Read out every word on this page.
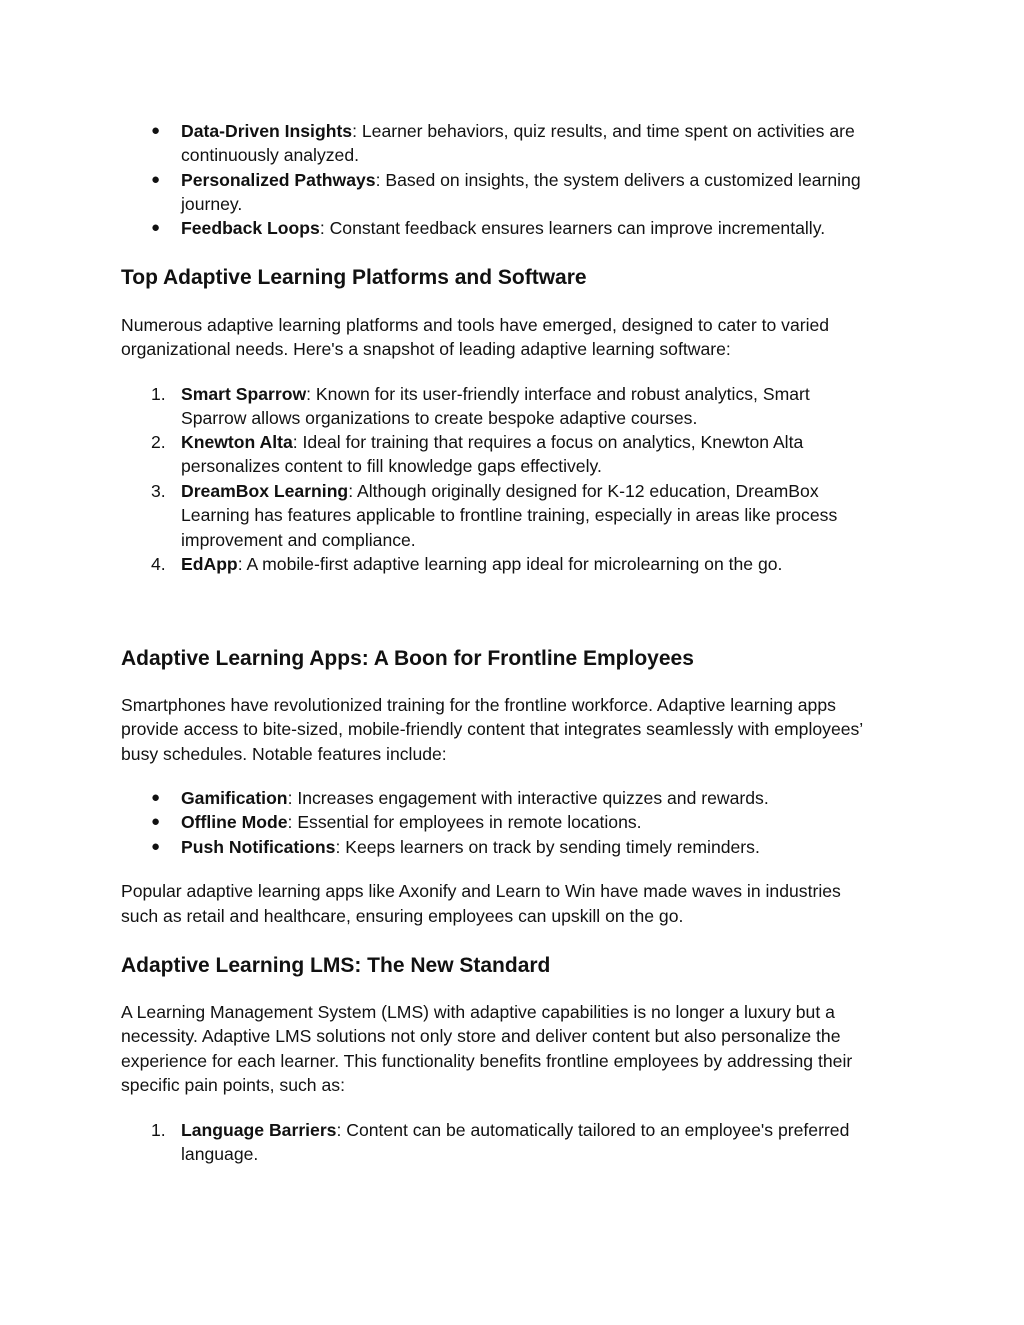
● Data-Driven Insights: Learner behaviors, quiz results, and time spent on activities are

continuously analyzed.

● Personalized Pathways: Based on insights, the system delivers a customized learning

journey.

● Feedback Loops: Constant feedback ensures learners can improve incrementally.

Top Adaptive Learning Platforms and Software

Numerous adaptive learning platforms and tools have emerged, designed to cater to varied

organizational needs. Here's a snapshot of leading adaptive learning software:

1. Smart Sparrow: Known for its user-friendly interface and robust analytics, Smart

Sparrow allows organizations to create bespoke adaptive courses.

2. Knewton Alta: Ideal for training that requires a focus on analytics, Knewton Alta

personalizes content to fill knowledge gaps effectively.

3. DreamBox Learning: Although originally designed for K-12 education, DreamBox

Learning has features applicable to frontline training, especially in areas like process

improvement and compliance.

4. EdApp: A mobile-first adaptive learning app ideal for microlearning on the go.

Adaptive Learning Apps: A Boon for Frontline Employees

Smartphones have revolutionized training for the frontline workforce. Adaptive learning apps

provide access to bite-sized, mobile-friendly content that integrates seamlessly with employees’

busy schedules. Notable features include:

● Gamification: Increases engagement with interactive quizzes and rewards.

● Offline Mode: Essential for employees in remote locations.

● Push Notifications: Keeps learners on track by sending timely reminders.

Popular adaptive learning apps like Axonify and Learn to Win have made waves in industries

such as retail and healthcare, ensuring employees can upskill on the go.

Adaptive Learning LMS: The New Standard

A Learning Management System (LMS) with adaptive capabilities is no longer a luxury but a

necessity. Adaptive LMS solutions not only store and deliver content but also personalize the

experience for each learner. This functionality benefits frontline employees by addressing their

specific pain points, such as:

1. Language Barriers: Content can be automatically tailored to an employee's preferred

language.
